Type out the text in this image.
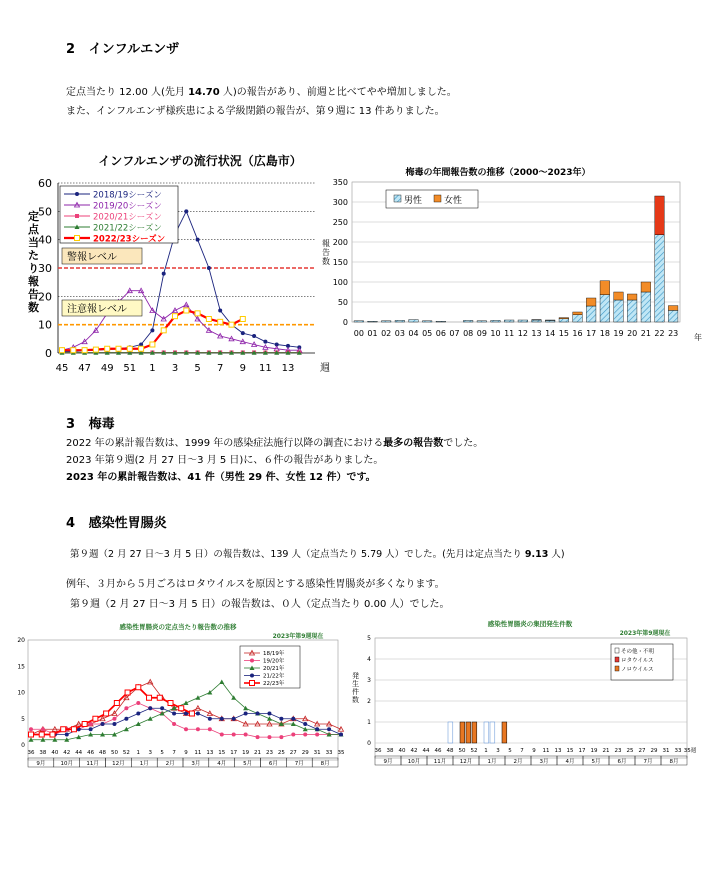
2 インフルエンザ
定点当たり 12.00 人(先月 14.70 人)の報告があり、前週と比べてやや増加しました。
また、インフルエンザ様疾患による学級閉鎖の報告が、第９週に 13 件ありました。
インフルエンザの流行状況（広島市）
定
点
当
た
り
報
告
数
0
10
20
30
40
50
60
45 47 49 51 1 3 5 7 9 11 13	週
2018/19シーズン
2019/20シーズン
2020/21シーズン
2021/22シーズン
2022/23シーズン
警報レベル
注意報レベル
梅毒の年間報告数の推移（2000～2023年）
報
告
数
0
50
100
150
200
250
300
350
00 01 02 03 04 05 06 07 08 09 10 11 12 13 14 15 16 17 18 19 20 21 22 23 年
男性 女性
3 梅毒
2022 年の累計報告数は、1999 年の感染症法施行以降の調査における最多の報告数でした。
2023 年第９週(2 月 27 日～3 月 5 日)に、６件の報告がありました。
2023 年の累計報告数は、41 件（男性 29 件、女性 12 件）です。
4 感染性胃腸炎
第９週（2 月 27 日～3 月 5 日）の報告数は、139 人（定点当たり 5.79 人）でした。(先月は定点当たり 9.13 人)
例年、３月から５月ごろはロタウイルスを原因とする感染性胃腸炎が多くなります。
第９週（2 月 27 日～3 月 5 日）の報告数は、０人（定点当たり 0.00 人）でした。
感染性胃腸炎の定点当たり報告数の推移
2023年第9週現在
0
5
10
15
20
36 38 40 42 44 46 48 50 52 1 3 5 7 9 11 13 15 17 19 21 23 25 27 29 31 33 35
9月	10月 11月 12月	1月	2月	3月	4月	5月	6月	7月	8月
18/19年
19/20年
20/21年
21/22年
22/23年
感染性胃腸炎の集団発生件数
2023年第9週現在
発
生
件
数
0
1
2
3
4
5
36 38 40 42 44 46 48 50 52 1 3 5 7 9 11 13 15 17 19 21 23 25 27 29 31 33 35週
9月	10月 11月 12月	1月	2月	3月	4月	5月	6月	7月	8月
その他・不明
ロタウイルス
ノロウイルス
